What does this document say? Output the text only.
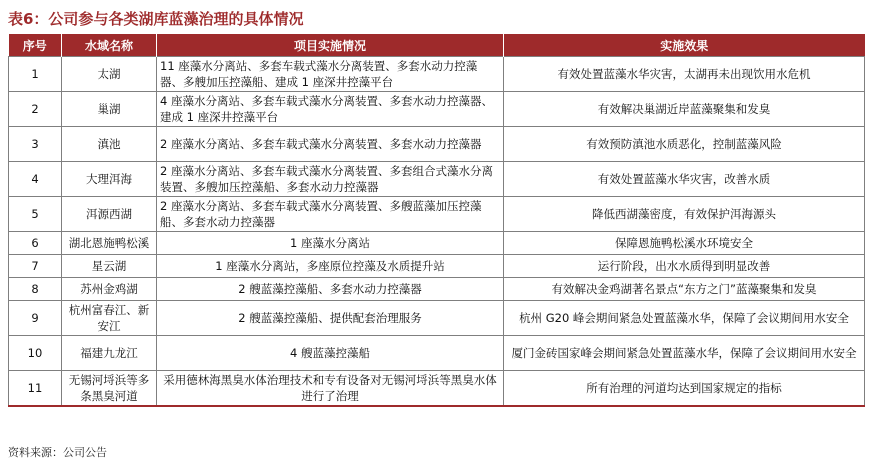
表6：公司参与各类湖库蓝藻治理的具体情况
序号	水域名称	项目实施情况	实施效果
1	太湖	11 座藻水分离站、多套车载式藻水分离装置、多套水动力控藻器、多艘加压控藻船、建成 1 座深井控藻平台	有效处置蓝藻水华灾害，太湖再未出现饮用水危机
2	巢湖	4 座藻水分离站、多套车载式藻水分离装置、多套水动力控藻器、建成 1 座深井控藻平台	有效解决巢湖近岸蓝藻聚集和发臭
3	滇池	2 座藻水分离站、多套车载式藻水分离装置、多套水动力控藻器	有效预防滇池水质恶化，控制蓝藻风险
4	大理洱海	2 座藻水分离站、多套车载式藻水分离装置、多套组合式藻水分离装置、多艘加压控藻船、多套水动力控藻器	有效处置蓝藻水华灾害，改善水质
5	洱源西湖	2 座藻水分离站、多套车载式藻水分离装置、多艘蓝藻加压控藻船、多套水动力控藻器	降低西湖藻密度，有效保护洱海源头
6	湖北恩施鸭松溪	1 座藻水分离站	保障恩施鸭松溪水环境安全
7	星云湖	1 座藻水分离站，多座原位控藻及水质提升站	运行阶段，出水水质得到明显改善
8	苏州金鸡湖	2 艘蓝藻控藻船、多套水动力控藻器	有效解决金鸡湖著名景点“东方之门”蓝藻聚集和发臭
9	杭州富春江、新安江	2 艘蓝藻控藻船、提供配套治理服务	杭州 G20 峰会期间紧急处置蓝藻水华，保障了会议期间用水安全
10	福建九龙江	4 艘蓝藻控藻船	厦门金砖国家峰会期间紧急处置蓝藻水华，保障了会议期间用水安全
11	无锡河埒浜等多条黑臭河道	采用德林海黑臭水体治理技术和专有设备对无锡河埒浜等黑臭水体进行了治理	所有治理的河道均达到国家规定的指标
资料来源：公司公告
